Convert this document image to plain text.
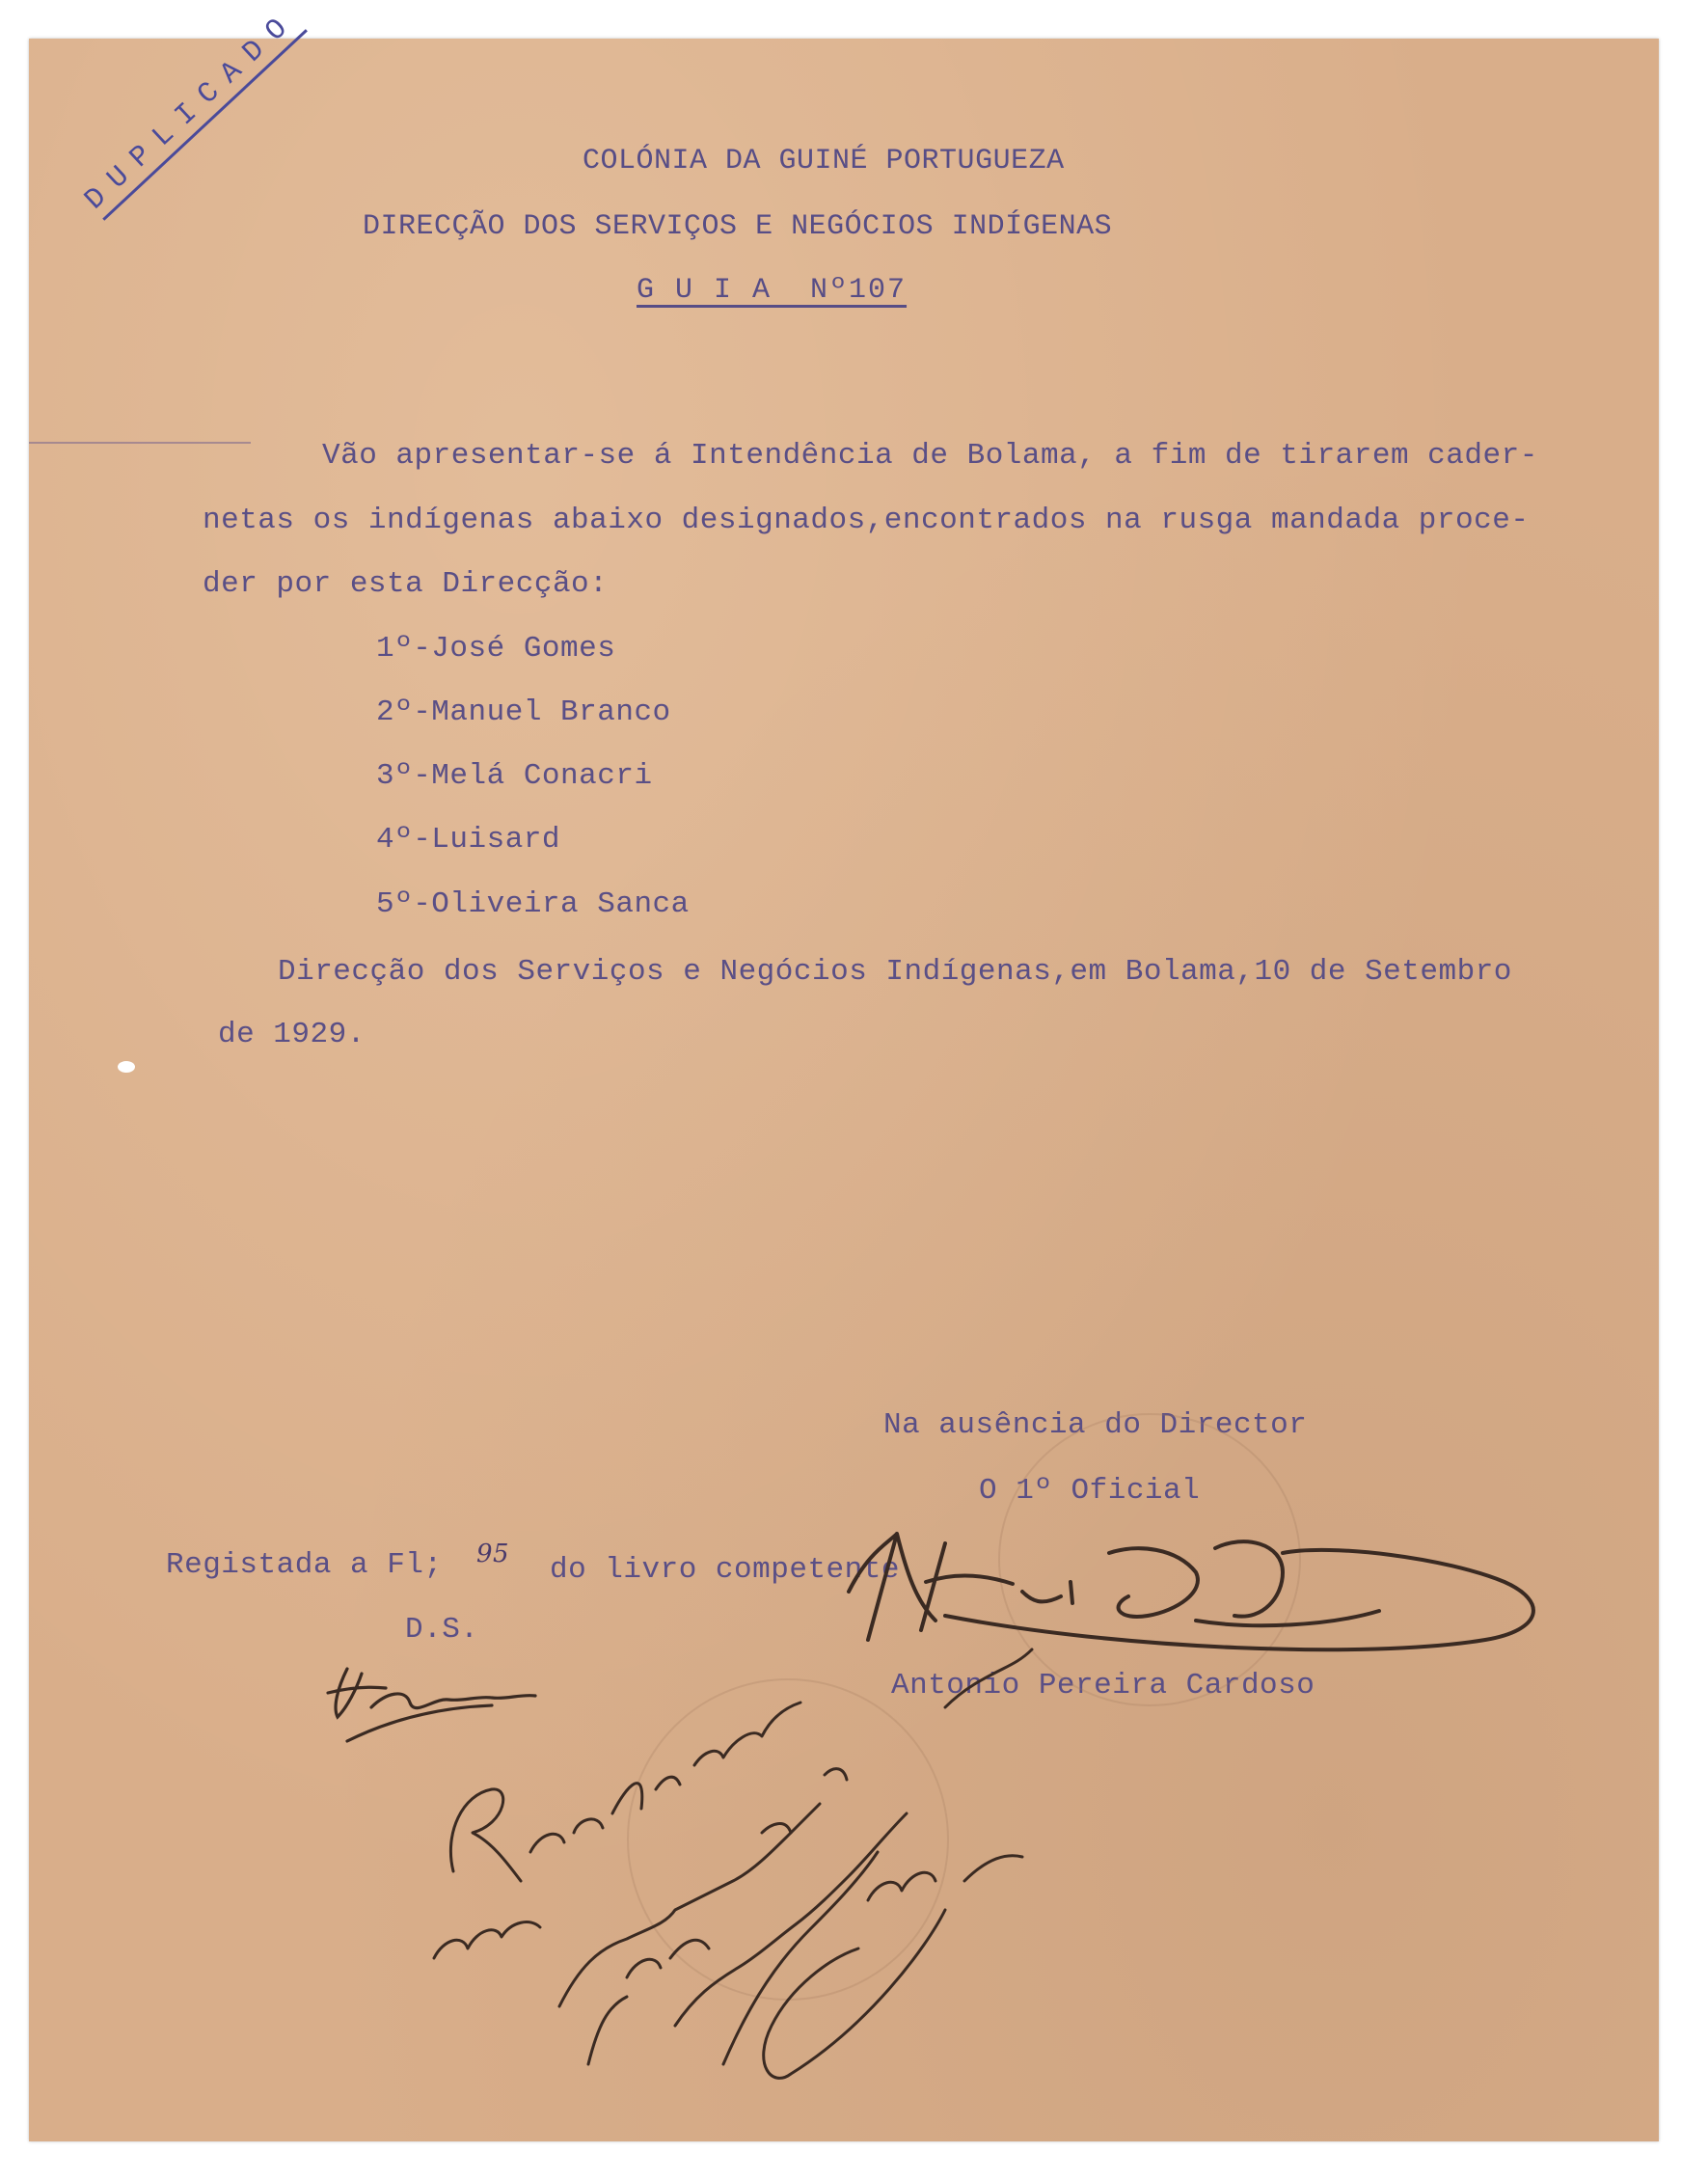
DUPLICADO	COLÓNIA DA GUINÉ PORTUGUEZA

DIRECÇÃO DOS SERVIÇOS E NEGÓCIOS INDÍGENAS

G U I A  Nº107

Vão apresentar-se á Intendência de Bolama, a fim de tirarem cader-

netas os indígenas abaixo designados,encontrados na rusga mandada proce-

der por esta Direcção:

1º-José Gomes

2º-Manuel Branco

3º-Melá Conacri

4º-Luisard

5º-Oliveira Sanca

Direcção dos Serviços e Negócios Indígenas,em Bolama,10 de Setembro

de 1929.

Na ausência do Director

O 1º Oficial

Registada a Fl; 95 do livro competente

D.S.

Antonio Pereira Cardoso
